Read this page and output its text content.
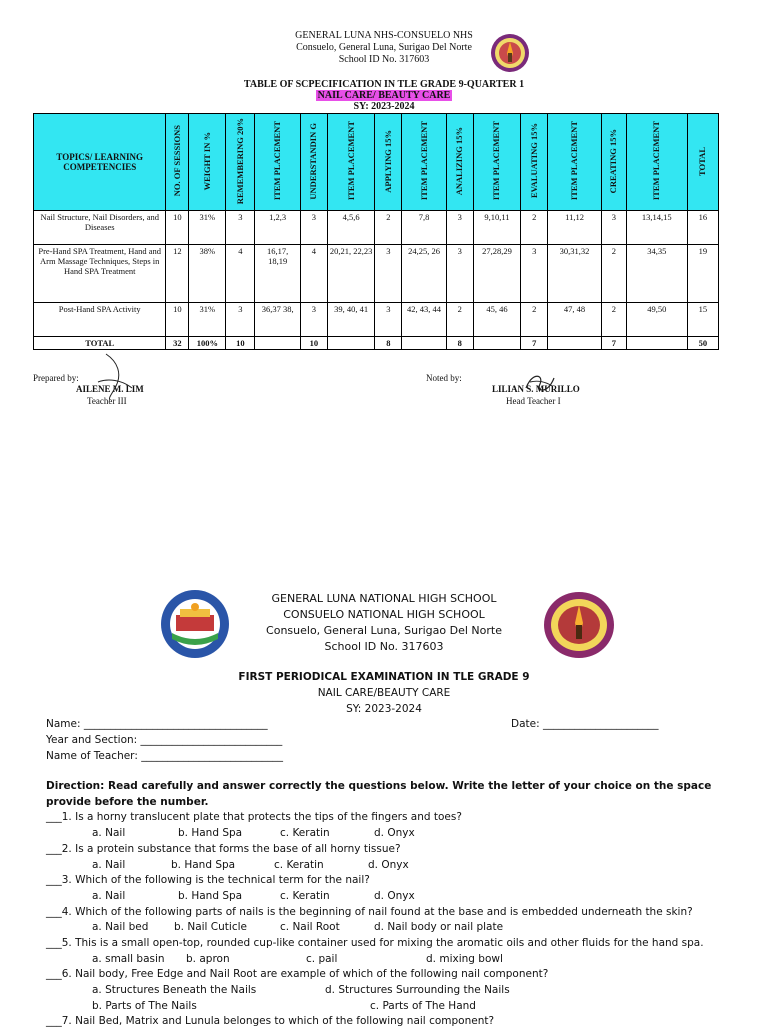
GENERAL LUNA NHS-CONSUELO NHS
Consuelo, General Luna, Surigao Del Norte
School ID No. 317603
TABLE OF SCPECIFICATION IN TLE GRADE 9-QUARTER 1
NAIL CARE/ BEAUTY CARE
SY: 2023-2024
TOPICS/ LEARNING COMPETENCIES	NO. OF SESSIONS	WEIGHT IN %	REMEMBERING 20%	ITEM PLACEMENT	UNDERSTANDIN G	ITEM PLACEMENT	APPLYING 15%	ITEM PLACEMENT	ANALIZING 15%	ITEM PLACEMENT	EVALUATING 15%	ITEM PLACEMENT	CREATING 15%	ITEM PLACEMENT	TOTAL
Nail Structure, Nail Disorders, and Diseases	10	31%	3	1,2,3	3	4,5,6	2	7,8	3	9,10,11	2	11,12	3	13,14,15	16
Pre-Hand SPA Treatment, Hand and Arm Massage Techniques, Steps in Hand SPA Treatment	12	38%	4	16,17, 18,19	4	20,21, 22,23	3	24,25, 26	3	27,28,29	3	30,31,32	2	34,35	19
Post-Hand SPA Activity	10	31%	3	36,37 38,	3	39, 40, 41	3	42, 43, 44	2	45, 46	2	47, 48	2	49,50	15
TOTAL	32	100%	10		10		8		8		7		7		50
Prepared by:
AILENE M. LIM
Teacher III
Noted by:
LILIAN S. MURILLO
Head Teacher I
GENERAL LUNA NATIONAL HIGH SCHOOL
CONSUELO NATIONAL HIGH SCHOOL
Consuelo, General Luna, Surigao Del Norte
School ID No. 317603
FIRST PERIODICAL EXAMINATION IN TLE GRADE 9
NAIL CARE/BEAUTY CARE
SY: 2023-2024
Name: ___________________________________	Date: ______________________
Year and Section: ___________________________
Name of Teacher: ___________________________
Direction: Read carefully and answer correctly the questions below. Write the letter of your choice on the space provide before the number.
___1. Is a horny translucent plate that protects the tips of the fingers and toes?
a. Nail	b. Hand Spa	c. Keratin	d. Onyx
___2. Is a protein substance that forms the base of all horny tissue?
a. Nail	b. Hand Spa	c. Keratin	d. Onyx
___3. Which of the following is the technical term for the nail?
a. Nail	b. Hand Spa	c. Keratin	d. Onyx
___4. Which of the following parts of nails is the beginning of nail found at the base and is embedded underneath the skin?
a. Nail bed b. Nail Cuticle	c. Nail Root	d. Nail body or nail plate
___5. This is a small open-top, rounded cup-like container used for mixing the aromatic oils and other fluids for the hand spa.
a. small basin b. apron	c. pail	d. mixing bowl
___6. Nail body, Free Edge and Nail Root are example of which of the following nail component?
a. Structures Beneath the Nails	d. Structures Surrounding the Nails
b. Parts of The Nails	c. Parts of The Hand
___7. Nail Bed, Matrix and Lunula belonges to which of the following nail component?
